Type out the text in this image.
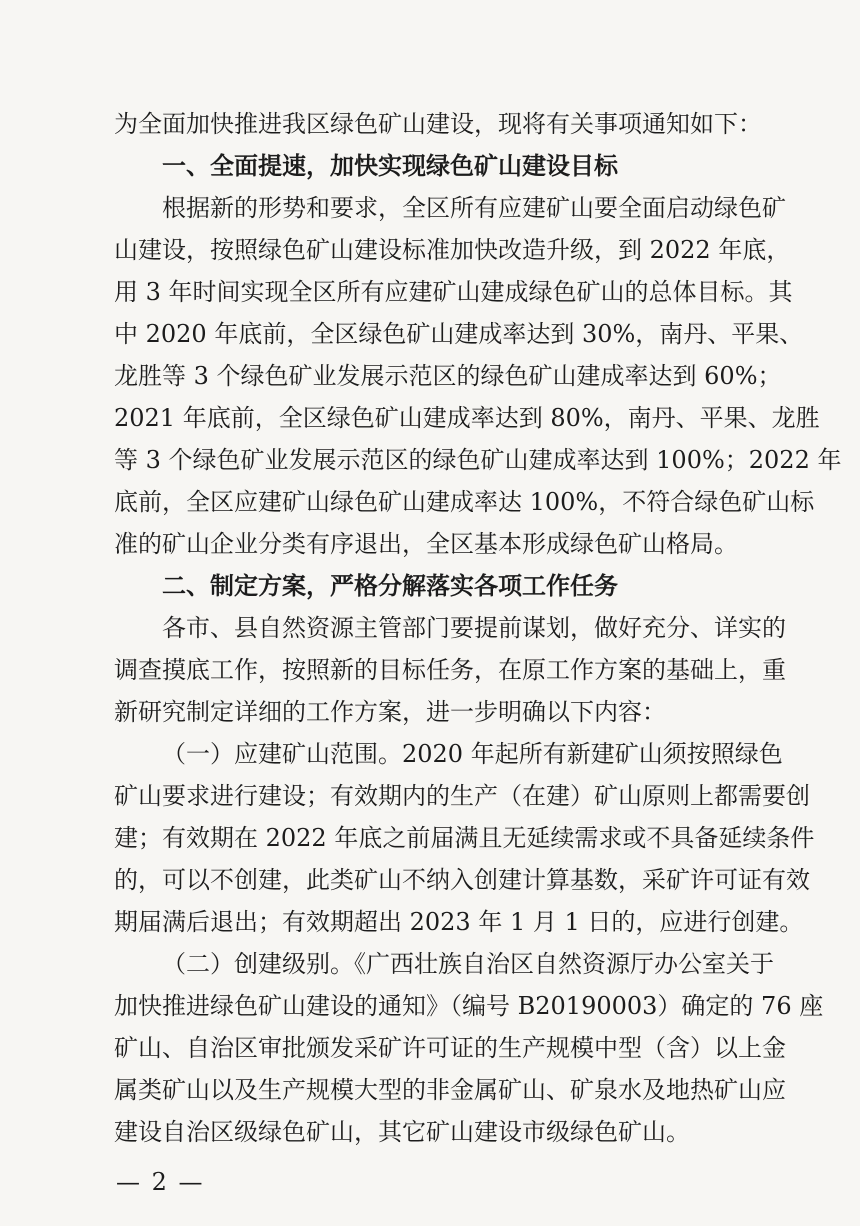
为全面加快推进我区绿色矿山建设，现将有关事项通知如下：
一、全面提速，加快实现绿色矿山建设目标
根据新的形势和要求，全区所有应建矿山要全面启动绿色矿
山建设，按照绿色矿山建设标准加快改造升级，到 2022 年底，
用 3 年时间实现全区所有应建矿山建成绿色矿山的总体目标。其
中 2020 年底前，全区绿色矿山建成率达到 30%，南丹、平果、
龙胜等 3 个绿色矿业发展示范区的绿色矿山建成率达到 60%；
2021 年底前，全区绿色矿山建成率达到 80%，南丹、平果、龙胜
等 3 个绿色矿业发展示范区的绿色矿山建成率达到 100%；2022 年
底前，全区应建矿山绿色矿山建成率达 100%，不符合绿色矿山标
准的矿山企业分类有序退出，全区基本形成绿色矿山格局。
二、制定方案，严格分解落实各项工作任务
各市、县自然资源主管部门要提前谋划，做好充分、详实的
调查摸底工作，按照新的目标任务，在原工作方案的基础上，重
新研究制定详细的工作方案，进一步明确以下内容：
（一）应建矿山范围。2020 年起所有新建矿山须按照绿色
矿山要求进行建设；有效期内的生产（在建）矿山原则上都需要创
建；有效期在 2022 年底之前届满且无延续需求或不具备延续条件
的，可以不创建，此类矿山不纳入创建计算基数，采矿许可证有效
期届满后退出；有效期超出 2023 年 1 月 1 日的，应进行创建。
（二）创建级别。《广西壮族自治区自然资源厅办公室关于
加快推进绿色矿山建设的通知》（编号 B20190003）确定的 76 座
矿山、自治区审批颁发采矿许可证的生产规模中型（含）以上金
属类矿山以及生产规模大型的非金属矿山、矿泉水及地热矿山应
建设自治区级绿色矿山，其它矿山建设市级绿色矿山。
— 2 —
